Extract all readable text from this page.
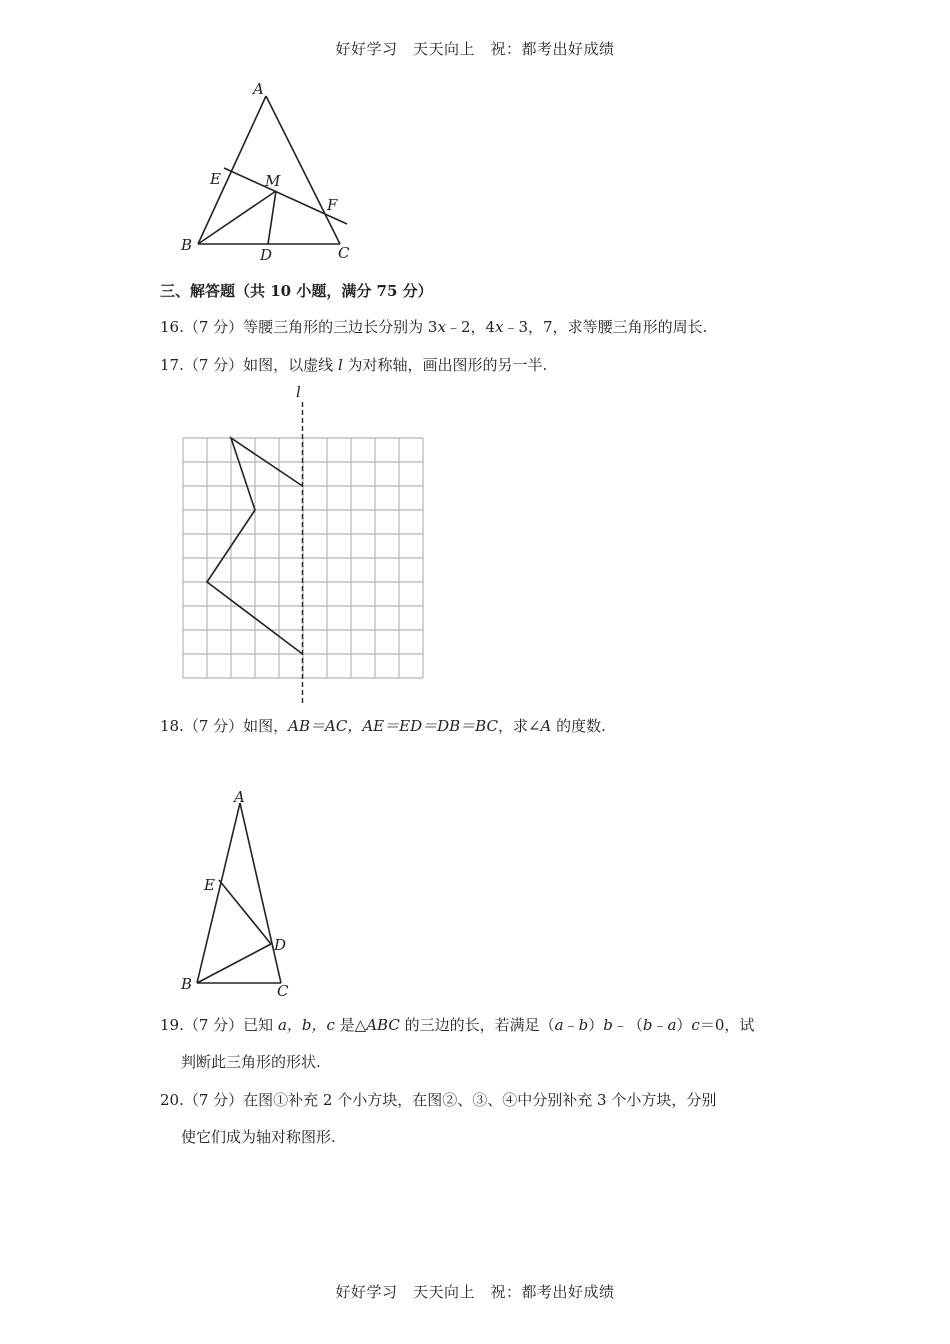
好好学习　天天向上　祝：都考出好成绩
A
E	M
F
B
D	C
三、解答题（共 10 小题，满分 75 分）
16.（7 分）等腰三角形的三边长分别为 3x﹣2，4x﹣3，7，求等腰三角形的周长.
17.（7 分）如图，以虚线 l 为对称轴，画出图形的另一半.
l
18.（7 分）如图，AB＝AC，AE＝ED＝DB＝BC，求∠A 的度数.
A
E
D
B	C
19.（7 分）已知 a，b，c 是△ABC 的三边的长，若满足（a﹣b）b﹣（b﹣a）c＝0，试
判断此三角形的形状.
20.（7 分）在图①补充 2 个小方块，在图②、③、④中分别补充 3 个小方块，分别
使它们成为轴对称图形.
好好学习　天天向上　祝：都考出好成绩
